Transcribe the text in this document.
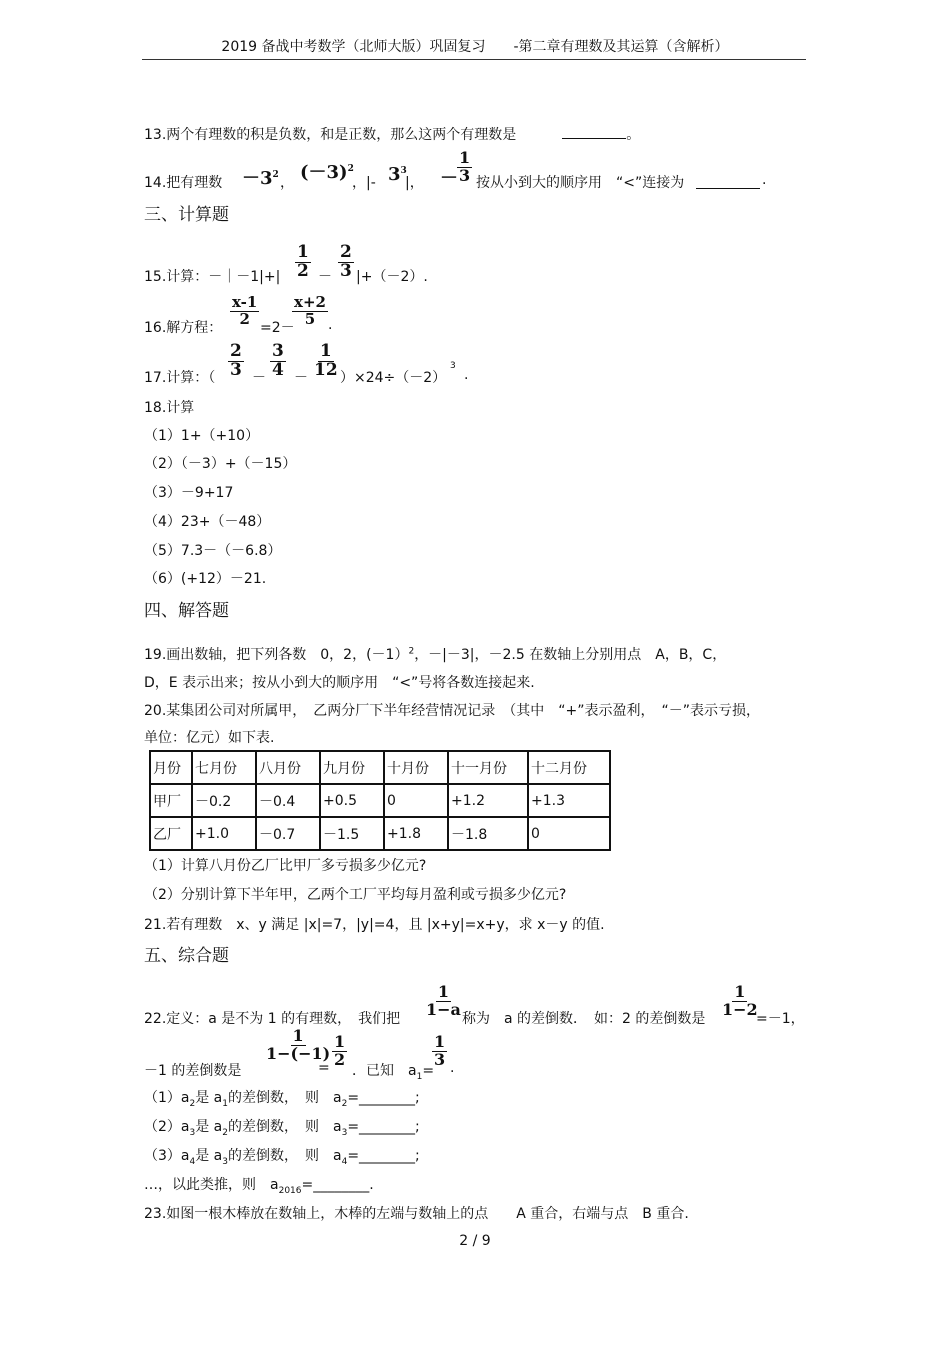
2019 备战中考数学（北师大版）巩固复习　　-第二章有理数及其运算（含解析）
13.两个有理数的积是负数，和是正数，那么这两个有理数是	。
14.把有理数 $-3^2$ ， $(-3)^2$
，|- $3^3$
|， － $\frac{1}{3}$ 按从小到大的顺序用　“<”连接为	.
三、计算题
15.计算：－｜－1|+| $\frac{1}{2} - \frac{2}{3} |+(-2)$.
16.解方程：
$\frac{x-1}{2}$
=2－
$\frac{x+2}{5}$ .
17.计算：（ $\frac{2}{3} - \frac{3}{4} - \frac{1}{12} )\times 24\div(-2)$
3
.
18.计算
（1）1+（+10）
（2）（－3）+（－15）
（3）－9+17
（4）23+（－48）
（5）7.3－（－6.8）
（6）(+12）－21.
四、解答题
19.画出数轴，把下列各数　0，2，(－1）$^2$，－|－3|，－2.5 在数轴上分别用点　A，B，C，
D，E 表示出来；按从小到大的顺序用　“<”号将各数连接起来.
20.某集团公司对所属甲，　乙两分厂下半年经营情况记录　（其中　“+”表示盈利，　“－”表示亏损，
单位：亿元）如下表.
月份	七月份	八月份	九月份	十月份	十一月份	十二月份
甲厂	－0.2	－0.4	+0.5	0	+1.2	+1.3
乙厂	+1.0	－0.7	－1.5	+1.8	－1.8	0
（1）计算八月份乙厂比甲厂多亏损多少亿元?
（2）分别计算下半年甲，乙两个工厂平均每月盈利或亏损多少亿元?
21.若有理数　x、y 满足 |x|=7，|y|=4，且 |x+y|=x+y，求 x－y 的值.
五、综合题
22.定义：a 是不为 1 的有理数，　我们把
$\frac{1}{1-a}$
称为　a 的差倒数．　如：2 的差倒数是
$\frac{1}{1-2}$
=－1，
－1 的差倒数是
$\frac{1}{1-(-1)}$
= $\frac{1}{2}$
．已知　$a_1=$
$\frac{1}{3}$ .
$(1)a_2$是 $a_1$的差倒数，　则　$a_2=\_\_\_\_\_\_\_\_$;
$(2)a_3$是 $a_2$的差倒数，　则　$a_3=\_\_\_\_\_\_\_\_$;
$(3)a_4$是 $a_3$的差倒数，　则　$a_4=\_\_\_\_\_\_\_\_$;
…，以此类推，则　$a_{2016}=\_\_\_\_\_\_\_\_$.
23.如图一根木棒放在数轴上，木棒的左端与数轴上的点　　A 重合，右端与点　B 重合.
2 / 9
